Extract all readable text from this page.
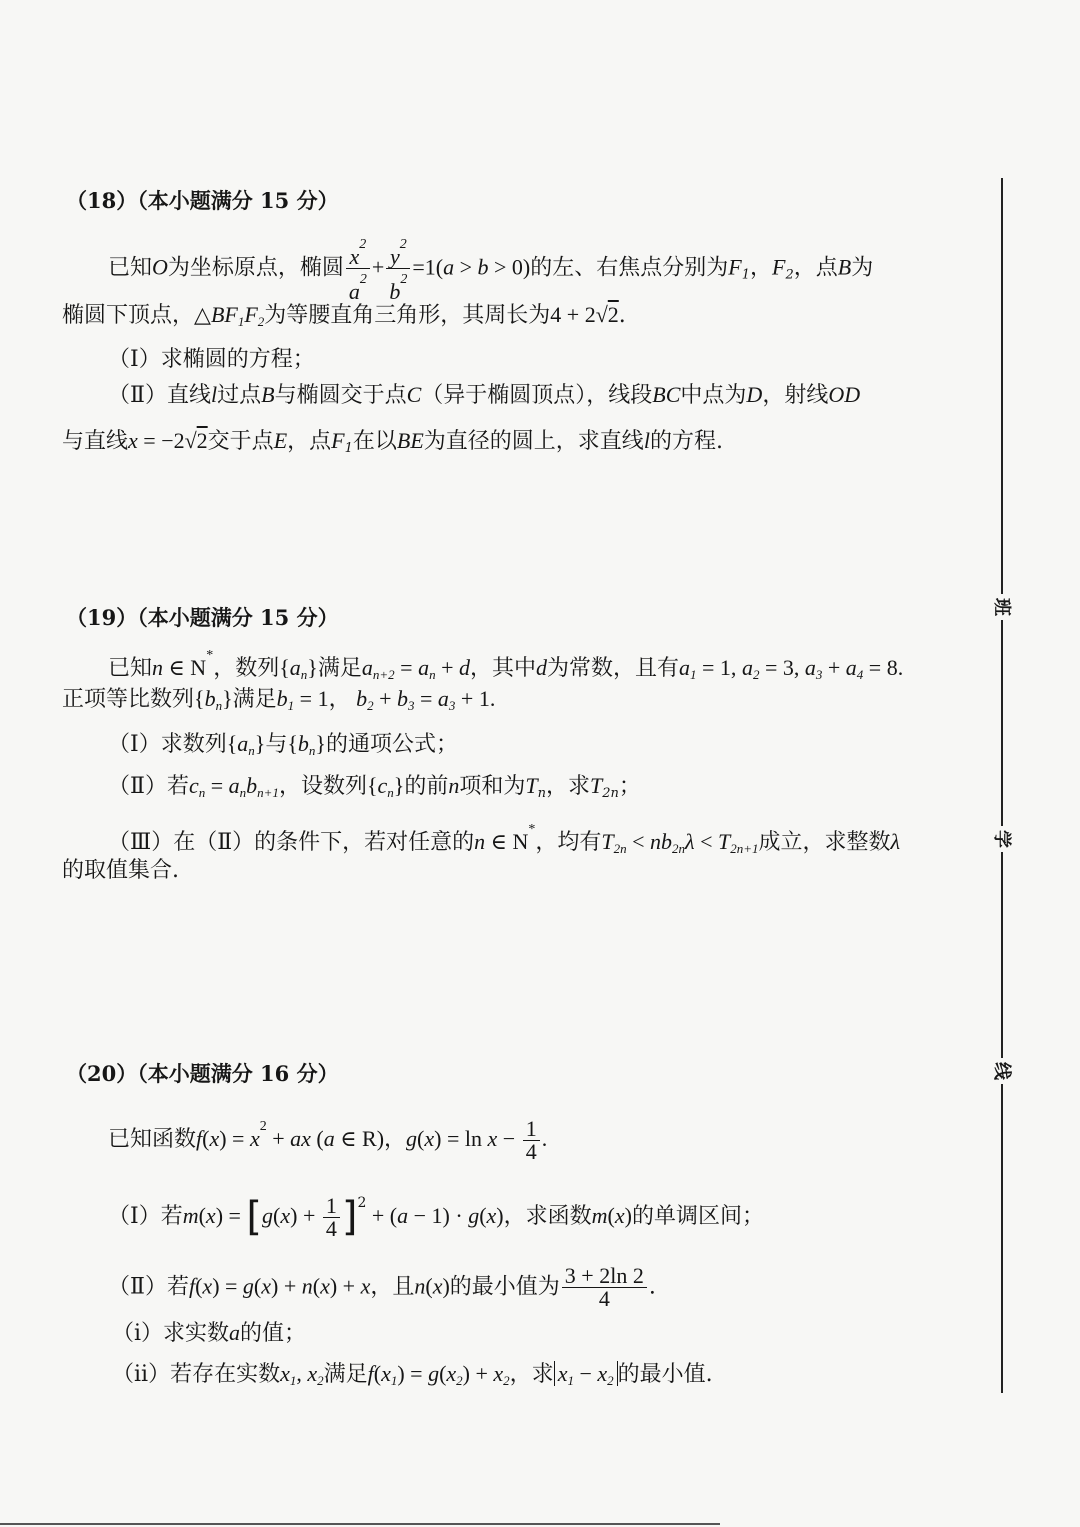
（18）（本小题满分 15 分）
已知O为坐标原点，椭圆 $\frac{x^2}{a^2} + \frac{y^2}{b^2} =1(a > b > 0)$的左、右焦点分别为$F_1$，$F_2$，点B为
椭圆下顶点，$\triangle BF_1F_2$为等腰直角三角形，其周长为4 + 2√2.
（Ⅰ）求椭圆的方程；
（Ⅱ）直线l过点B与椭圆交于点C（异于椭圆顶点），线段BC中点为D，射线OD
与直线x = −2√2交于点E，点$F_1$在以BE为直径的圆上，求直线l的方程.
（19）（本小题满分 15 分）
已知n ∈ N*，数列$\{a_n\}$满足$a_{n+2} = a_n + d$，其中d为常数，且有$a_1 = 1$, $a_2 = 3$, $a_3 + a_4 = 8$.
正项等比数列$\{b_n\}$满足$b_1 = 1$， $b_2 + b_3 = a_3 + 1$.
（Ⅰ）求数列$\{a_n\}$与$\{b_n\}$的通项公式；
（Ⅱ）若$c_n = a_nb_{n+1}$，设数列$\{c_n\}$的前n项和为$T_n$，求$T_{2n}$；
（Ⅲ）在（Ⅱ）的条件下，若对任意的n ∈ N*，均有$T_{2n} < nb_{2n}\lambda < T_{2n+1}$成立，求整数λ
的取值集合.
（20）（本小题满分 16 分）
已知函数$f(x) = x^2$ + ax (a ∈ R)，$g(x) = \ln x - \frac{1}{4}$ .
（Ⅰ）若$m(x) = [g(x) + \frac{1}{4} ]^2 + (a - 1) \cdot g(x)$，求函数m(x)的单调区间；
（Ⅱ）若f(x) = g(x) + n(x) + x，且n(x)的最小值为 $\frac{3 + 2\ln 2}{4}$ .
（i）求实数a的值；
（ii）若存在实数$x_1$, $x_2$满足$f(x_1) = g(x_2) + x_2$，求 $x_1 - x_2$ 的最小值.
班
学
线
